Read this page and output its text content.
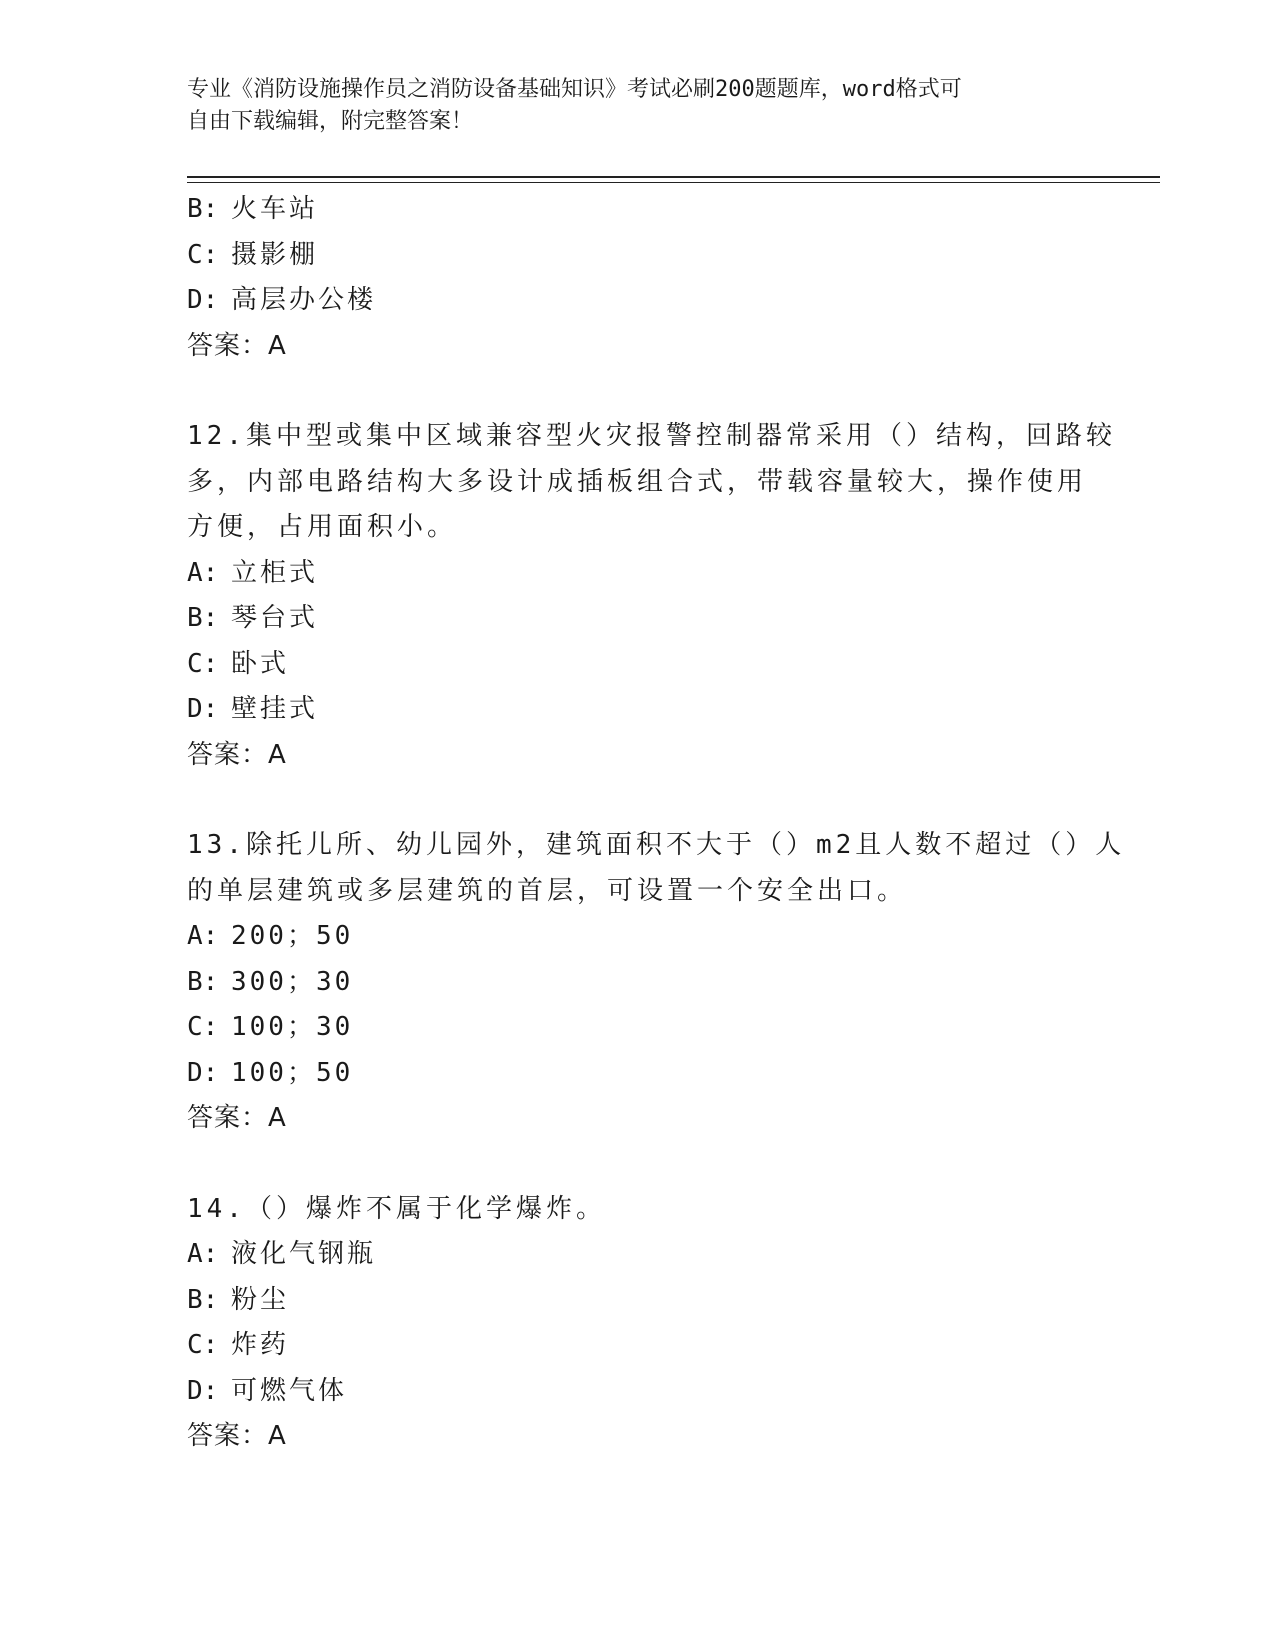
专业《消防设施操作员之消防设备基础知识》考试必刷200题题库，word格式可
自由下载编辑，附完整答案！
B: 火车站
C: 摄影棚
D: 高层办公楼
答案：A
12.集中型或集中区域兼容型火灾报警控制器常采用（）结构，回路较
多，内部电路结构大多设计成插板组合式，带载容量较大，操作使用
方便，占用面积小。
A: 立柜式
B: 琴台式
C: 卧式
D: 壁挂式
答案：A
13.除托儿所、幼儿园外，建筑面积不大于（）m2且人数不超过（）人
的单层建筑或多层建筑的首层，可设置一个安全出口。
A: 200；50
B: 300；30
C: 100；30
D: 100；50
答案：A
14.（）爆炸不属于化学爆炸。
A: 液化气钢瓶
B: 粉尘
C: 炸药
D: 可燃气体
答案：A
